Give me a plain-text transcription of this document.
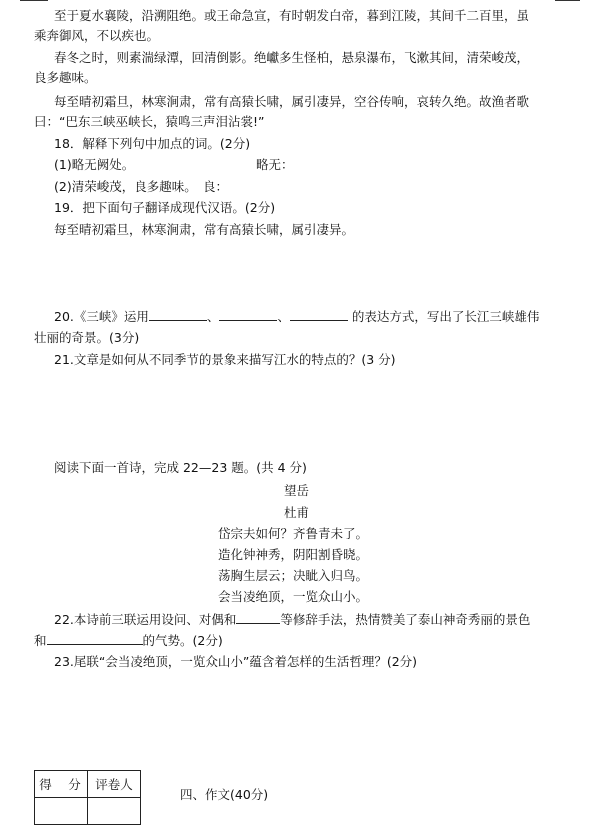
至于夏水襄陵，沿溯阻绝。或王命急宣，有时朝发白帝，暮到江陵，其间千二百里，虽
乘奔御风，不以疾也。
春冬之时，则素湍绿潭，回清倒影。绝巘多生怪柏，悬泉瀑布，飞漱其间，清荣峻茂，
良多趣味。
每至晴初霜旦，林寒涧肃，常有高猿长啸，属引凄异，空谷传响，哀转久绝。故渔者歌
曰：“巴东三峡巫峡长，猿鸣三声泪沾裳!”
18．解释下列句中加点的词。(2分)
(1)略无阙处。	略无：
(2)清荣峻茂，良多趣味。　良：
19．把下面句子翻译成现代汉语。(2分)
每至晴初霜旦，林寒涧肃，常有高猿长啸，属引凄异。
20.《三峡》运用	、	、	的表达方式，写出了长江三峡雄伟
壮丽的奇景。(3分)
21.文章是如何从不同季节的景象来描写江水的特点的？(3 分)
阅读下面一首诗，完成 22—23 题。(共 4 分)
望岳
杜甫
岱宗夫如何？齐鲁青未了。
造化钟神秀，阴阳割昏晓。
荡胸生层云；决眦入归鸟。
会当凌绝顶，一览众山小。
22.本诗前三联运用设问、对偶和	等修辞手法，热情赞美了泰山神奇秀丽的景色
和	的气势。(2分)
23.尾联“会当凌绝顶，一览众山小”蕴含着怎样的生活哲理？(2分)
得　分	评卷人

四、作文(40分)
